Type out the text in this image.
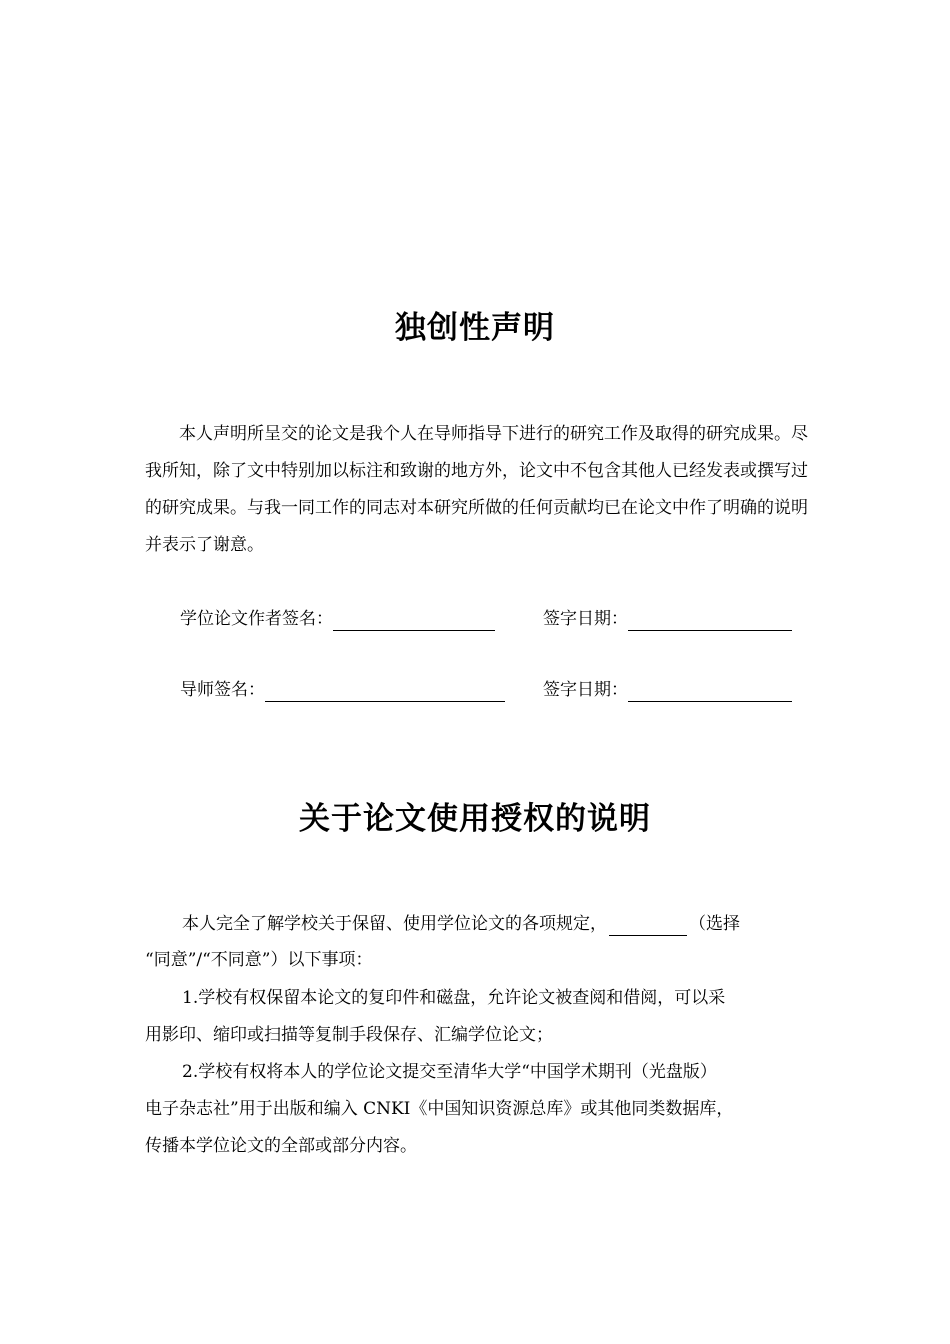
独创性声明

本人声明所呈交的论文是我个人在导师指导下进行的研究工作及取得的研究成果。尽我所知，除了文中特别加以标注和致谢的地方外，论文中不包含其他人已经发表或撰写过的研究成果。与我一同工作的同志对本研究所做的任何贡献均已在论文中作了明确的说明并表示了谢意。

学位论文作者签名：	签字日期：
导师签名：	签字日期：
关于论文使用授权的说明
本人完全了解学校关于保留、使用学位论文的各项规定，	（选择
“同意”/“不同意”）以下事项：
1.学校有权保留本论文的复印件和磁盘，允许论文被查阅和借阅，可以采
用影印、缩印或扫描等复制手段保存、汇编学位论文；
2.学校有权将本人的学位论文提交至清华大学“中国学术期刊（光盘版）
电子杂志社”用于出版和编入 CNKI《中国知识资源总库》或其他同类数据库，
传播本学位论文的全部或部分内容。
